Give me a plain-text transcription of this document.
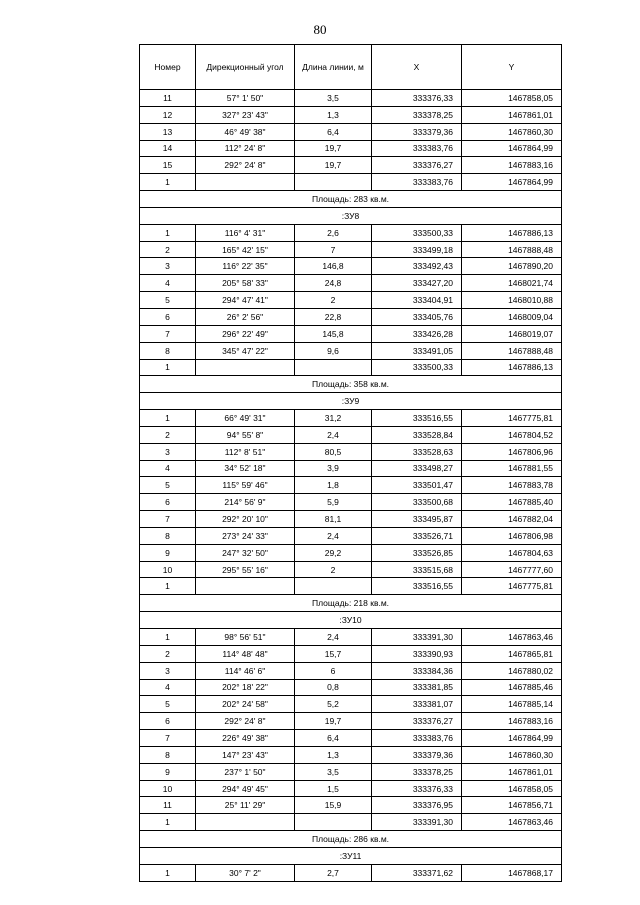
80
Номер	Дирекционный угол	Длина линии, м	X	Y
11	57° 1' 50"	3,5	333376,33	1467858,05
12	327° 23' 43"	1,3	333378,25	1467861,01
13	46° 49' 38"	6,4	333379,36	1467860,30
14	112° 24' 8"	19,7	333383,76	1467864,99
15	292° 24' 8"	19,7	333376,27	1467883,16
1			333383,76	1467864,99
Площадь: 283 кв.м.				
:ЗУ8				
1	116° 4' 31"	2,6	333500,33	1467886,13
2	165° 42' 15"	7	333499,18	1467888,48
3	116° 22' 35"	146,8	333492,43	1467890,20
4	205° 58' 33"	24,8	333427,20	1468021,74
5	294° 47' 41"	2	333404,91	1468010,88
6	26° 2' 56"	22,8	333405,76	1468009,04
7	296° 22' 49"	145,8	333426,28	1468019,07
8	345° 47' 22"	9,6	333491,05	1467888,48
1			333500,33	1467886,13
Площадь: 358 кв.м.				
:ЗУ9				
1	66° 49' 31"	31,2	333516,55	1467775,81
2	94° 55' 8"	2,4	333528,84	1467804,52
3	112° 8' 51"	80,5	333528,63	1467806,96
4	34° 52' 18"	3,9	333498,27	1467881,55
5	115° 59' 46"	1,8	333501,47	1467883,78
6	214° 56' 9"	5,9	333500,68	1467885,40
7	292° 20' 10"	81,1	333495,87	1467882,04
8	273° 24' 33"	2,4	333526,71	1467806,98
9	247° 32' 50"	29,2	333526,85	1467804,63
10	295° 55' 16"	2	333515,68	1467777,60
1			333516,55	1467775,81
Площадь: 218 кв.м.				
:ЗУ10				
1	98° 56' 51"	2,4	333391,30	1467863,46
2	114° 48' 48"	15,7	333390,93	1467865,81
3	114° 46' 6"	6	333384,36	1467880,02
4	202° 18' 22"	0,8	333381,85	1467885,46
5	202° 24' 58"	5,2	333381,07	1467885,14
6	292° 24' 8"	19,7	333376,27	1467883,16
7	226° 49' 38"	6,4	333383,76	1467864,99
8	147° 23' 43"	1,3	333379,36	1467860,30
9	237° 1' 50"	3,5	333378,25	1467861,01
10	294° 49' 45"	1,5	333376,33	1467858,05
11	25° 11' 29"	15,9	333376,95	1467856,71
1			333391,30	1467863,46
Площадь: 286 кв.м.				
:ЗУ11				
1	30° 7' 2"	2,7	333371,62	1467868,17
